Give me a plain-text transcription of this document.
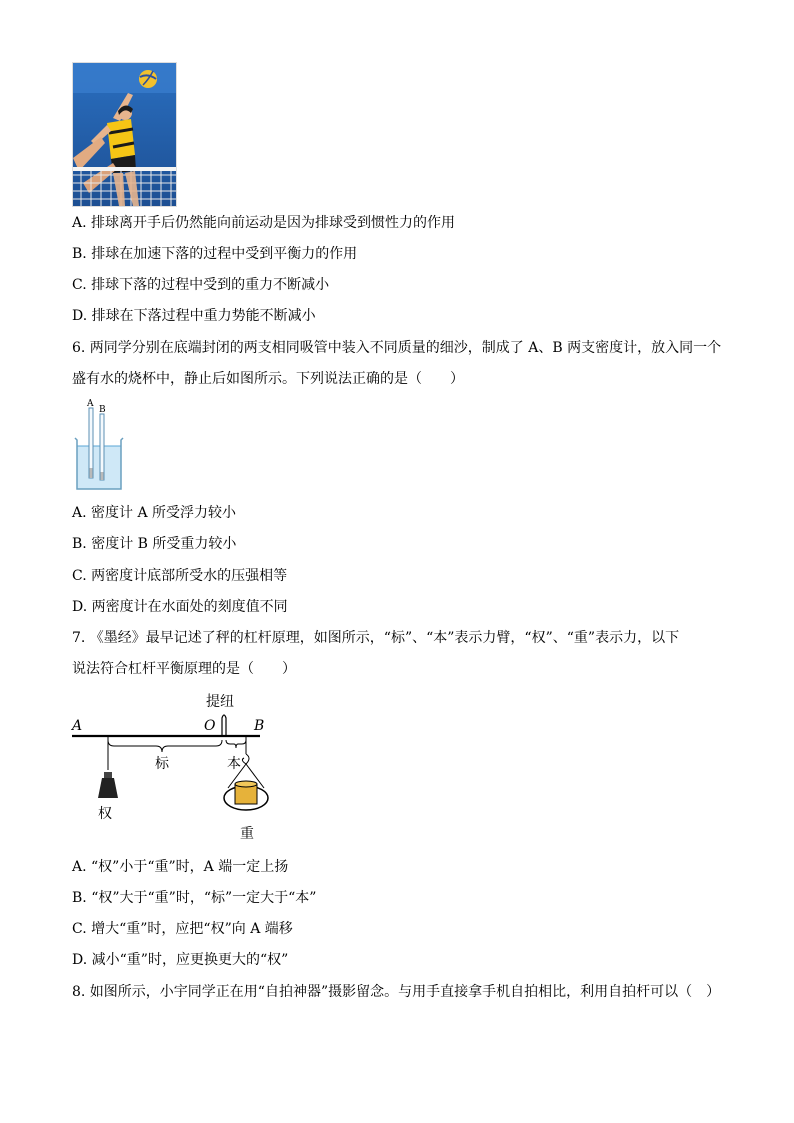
A. 排球离开手后仍然能向前运动是因为排球受到惯性力的作用
B. 排球在加速下落的过程中受到平衡力的作用
C. 排球下落的过程中受到的重力不断减小
D. 排球在下落过程中重力势能不断减小
6. 两同学分别在底端封闭的两支相同吸管中装入不同质量的细沙，制成了 A、B 两支密度计，放入同一个
盛有水的烧杯中，静止后如图所示。下列说法正确的是（　　）
A
B
A. 密度计 A 所受浮力较小
B. 密度计 B 所受重力较小
C. 两密度计底部所受水的压强相等
D. 两密度计在水面处的刻度值不同
7. 《墨经》最早记述了秤的杠杆原理，如图所示，“标”、“本”表示力臂，“权”、“重”表示力，以下
说法符合杠杆平衡原理的是（　　）
提纽
A	O	B
标	本
权
重
A. “权”小于“重”时，A 端一定上扬
B. “权”大于“重”时，“标”一定大于“本”
C. 增大“重”时，应把“权”向 A 端移
D. 减小“重”时，应更换更大的“权”
8. 如图所示，小宇同学正在用“自拍神器”摄影留念。与用手直接拿手机自拍相比，利用自拍杆可以（　）
